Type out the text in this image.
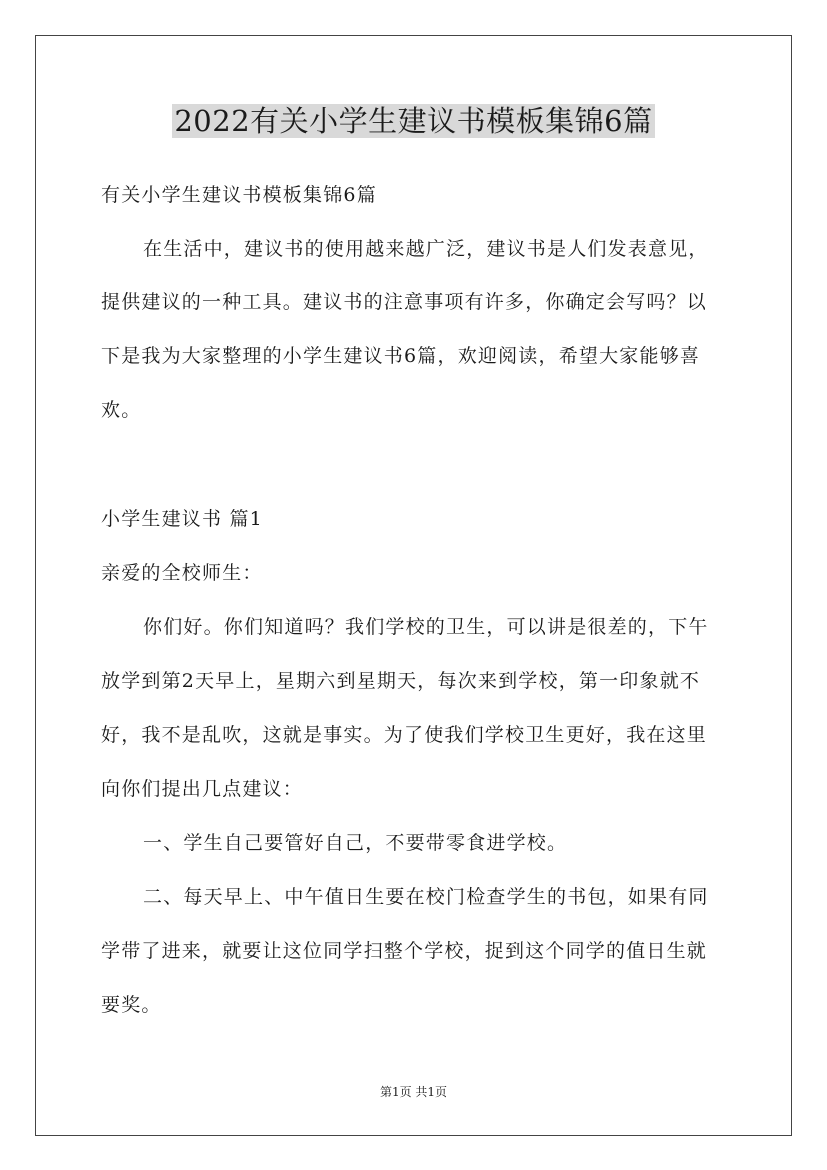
2022有关小学生建议书模板集锦6篇
有关小学生建议书模板集锦6篇
在生活中，建议书的使用越来越广泛，建议书是人们发表意见，
提供建议的一种工具。建议书的注意事项有许多，你确定会写吗？以
下是我为大家整理的小学生建议书6篇，欢迎阅读，希望大家能够喜
欢。
小学生建议书 篇1
亲爱的全校师生：
你们好。你们知道吗？我们学校的卫生，可以讲是很差的，下午
放学到第2天早上，星期六到星期天，每次来到学校，第一印象就不
好，我不是乱吹，这就是事实。为了使我们学校卫生更好，我在这里
向你们提出几点建议：
一、学生自己要管好自己，不要带零食进学校。
二、每天早上、中午值日生要在校门检查学生的书包，如果有同
学带了进来，就要让这位同学扫整个学校，捉到这个同学的值日生就
要奖。
第1页 共1页
